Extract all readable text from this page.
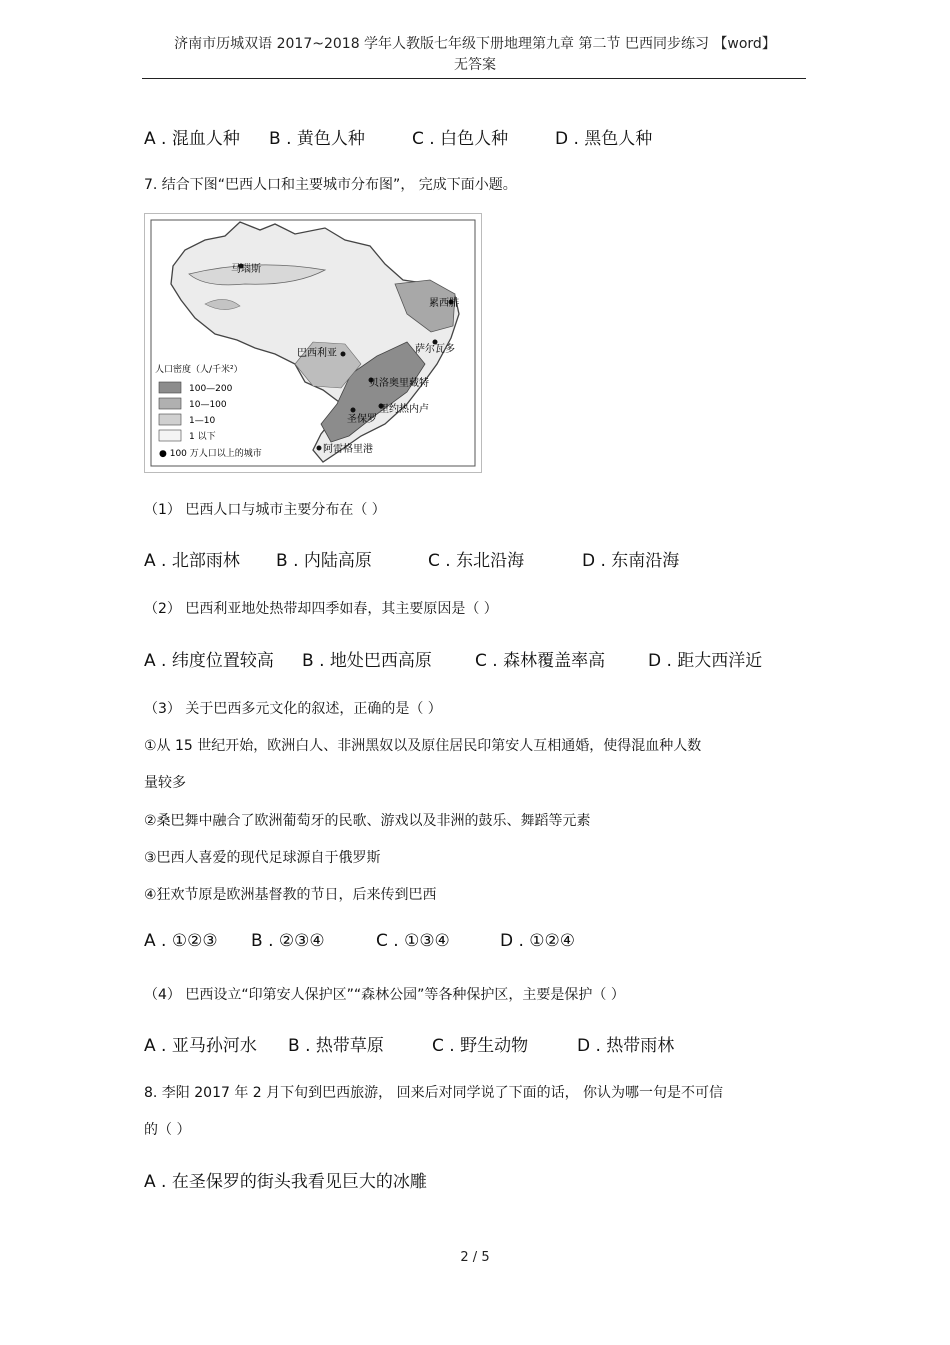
济南市历城双语 2017~2018 学年人教版七年级下册地理第九章 第二节 巴西同步练习 【word】
无答案
A . 混血人种 B . 黄色人种	C . 白色人种	D . 黑色人种
7. 结合下图“巴西人口和主要城市分布图”， 完成下面小题。
马瑙斯
累西腓
萨尔瓦多
巴西利亚
贝洛奥里藏特
里约热内卢
圣保罗
阿雷格里港
人口密度（人/千米²）
100—200
10—100
1—10
1 以下
● 100 万人口以上的城市
（1） 巴西人口与城市主要分布在（ ）
A . 北部雨林 B . 内陆高原	C . 东北沿海	D . 东南沿海
（2） 巴西利亚地处热带却四季如春，其主要原因是（ ）
A . 纬度位置较高 B . 地处巴西高原	C . 森林覆盖率高	D . 距大西洋近
（3） 关于巴西多元文化的叙述，正确的是（ ）
①从 15 世纪开始，欧洲白人、非洲黑奴以及原住居民印第安人互相通婚，使得混血种人数
量较多
②桑巴舞中融合了欧洲葡萄牙的民歌、游戏以及非洲的鼓乐、舞蹈等元素
③巴西人喜爱的现代足球源自于俄罗斯
④狂欢节原是欧洲基督教的节日，后来传到巴西
A . ①②③ B . ②③④	C . ①③④	D . ①②④
（4） 巴西设立“印第安人保护区”“森林公园”等各种保护区，主要是保护（ ）
A . 亚马孙河水 B . 热带草原	C . 野生动物	D . 热带雨林
8. 李阳 2017 年 2 月下旬到巴西旅游， 回来后对同学说了下面的话， 你认为哪一句是不可信
的（ ）
A . 在圣保罗的街头我看见巨大的冰雕
2 / 5
